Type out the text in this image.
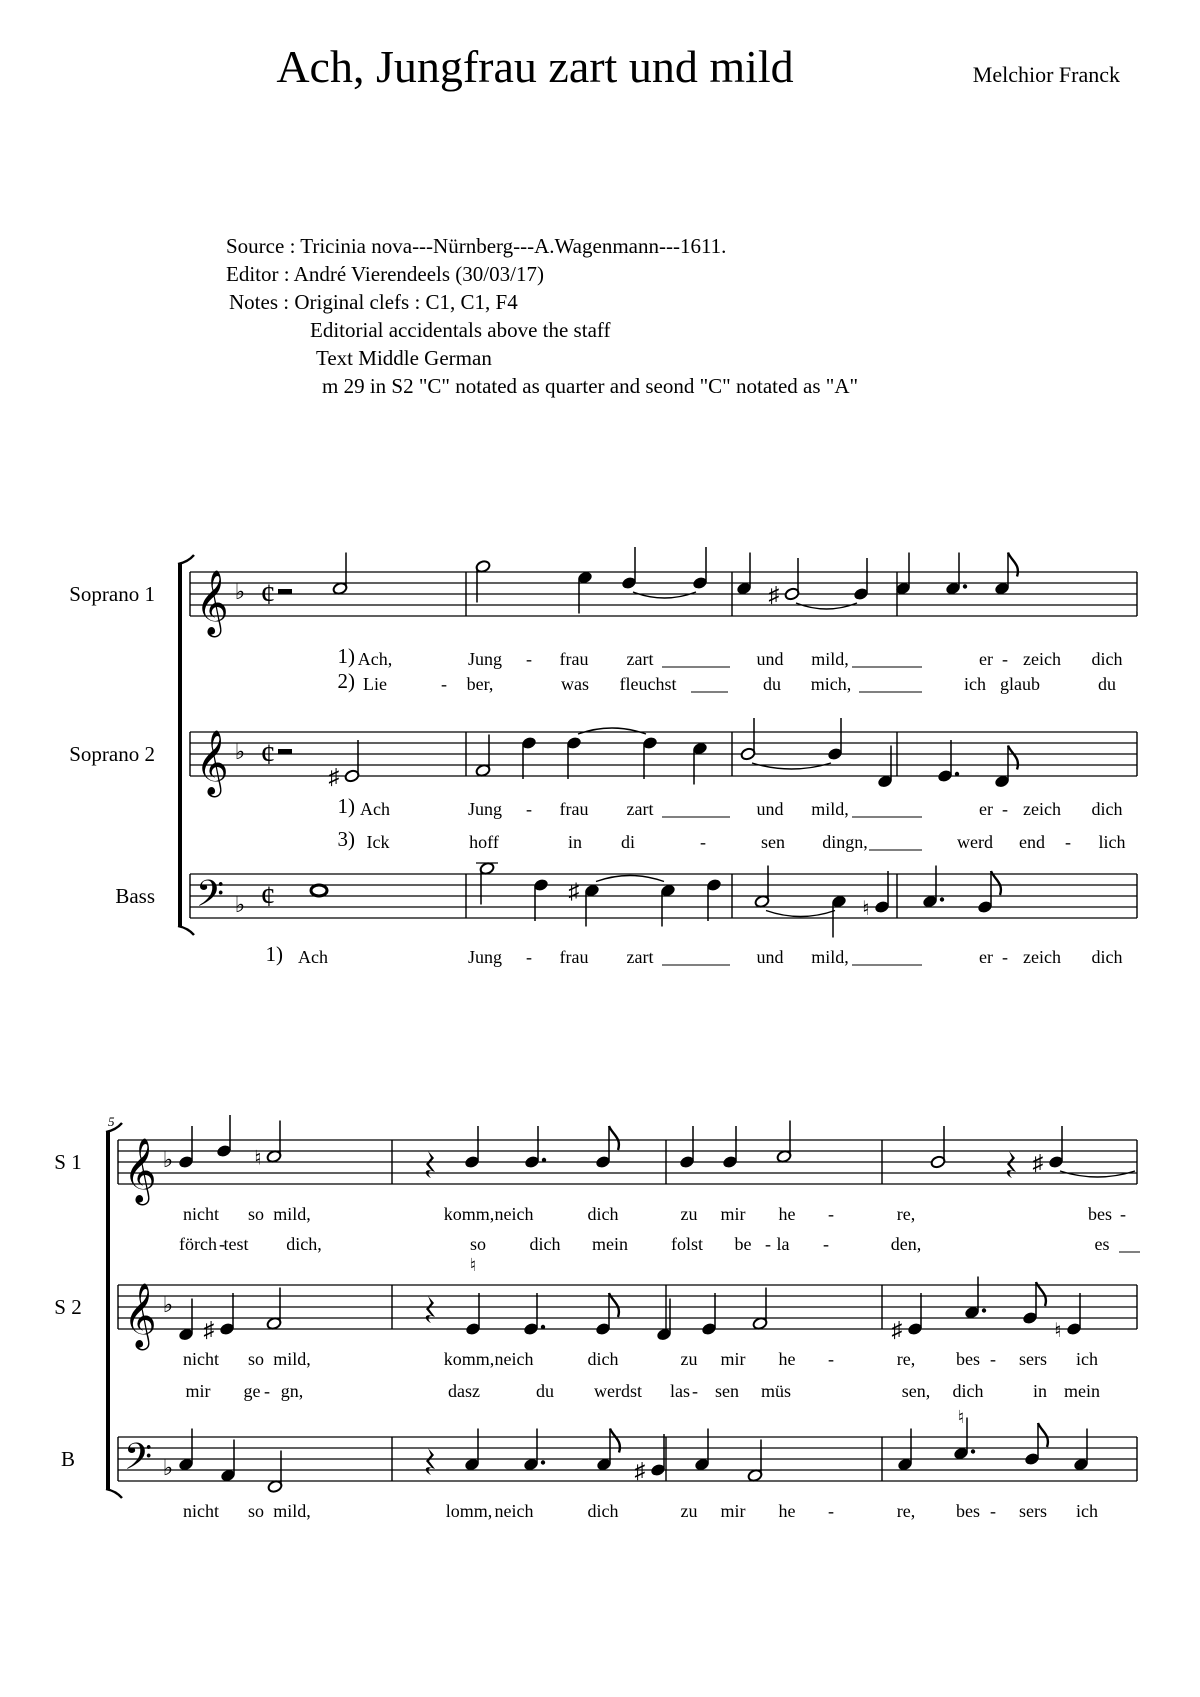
Ach, Jungfrau zart und mild	Melchior Franck
Source : Tricinia nova---Nürnberg---A.Wagenmann---1611.
Editor : André Vierendeels (30/03/17)
Notes : Original clefs : C1, C1, F4
Editorial accidentals above the staff
Text Middle German
m 29 in S2 "C" notated as quarter and seond "C" notated as "A"
Soprano 1 𝄞 ♭ ¢	♯
1) Ach,	Jung - frau zart	und mild,	er - zeich dich
2) Lie	- ber,	was fleuchst	du mich,	ich glaub	du
Soprano 2 𝄞 ♭ ¢
♯
1) Ach	Jung - frau zart	und mild,	er - zeich dich
3) Ick	hoff	in di	-	sen dingn,	werd end - lich
Bass 𝄢 ♭ ¢	♯
♮
1) Ach	Jung - frau zart	und mild,	er - zeich dich
5
S 1 𝄞 ♭	♮	♯
nicht so mild,	komm, neich	dich	zu mir he -	re,	bes -
förch -
test dich,	so dich mein folst be - la -	den,	es
S 2 𝄞 ♭
♯
♮
♯	♮
nicht so mild,	komm, neich	dich	zu mir he -	re, bes - sers ich
mir ge - gn,	dasz	du werdst las - sen müs	sen, dich	in mein
B 𝄢 ♭	♯
♮
nicht so mild,	lomm, neich	dich	zu mir he -	re, bes - sers ich
